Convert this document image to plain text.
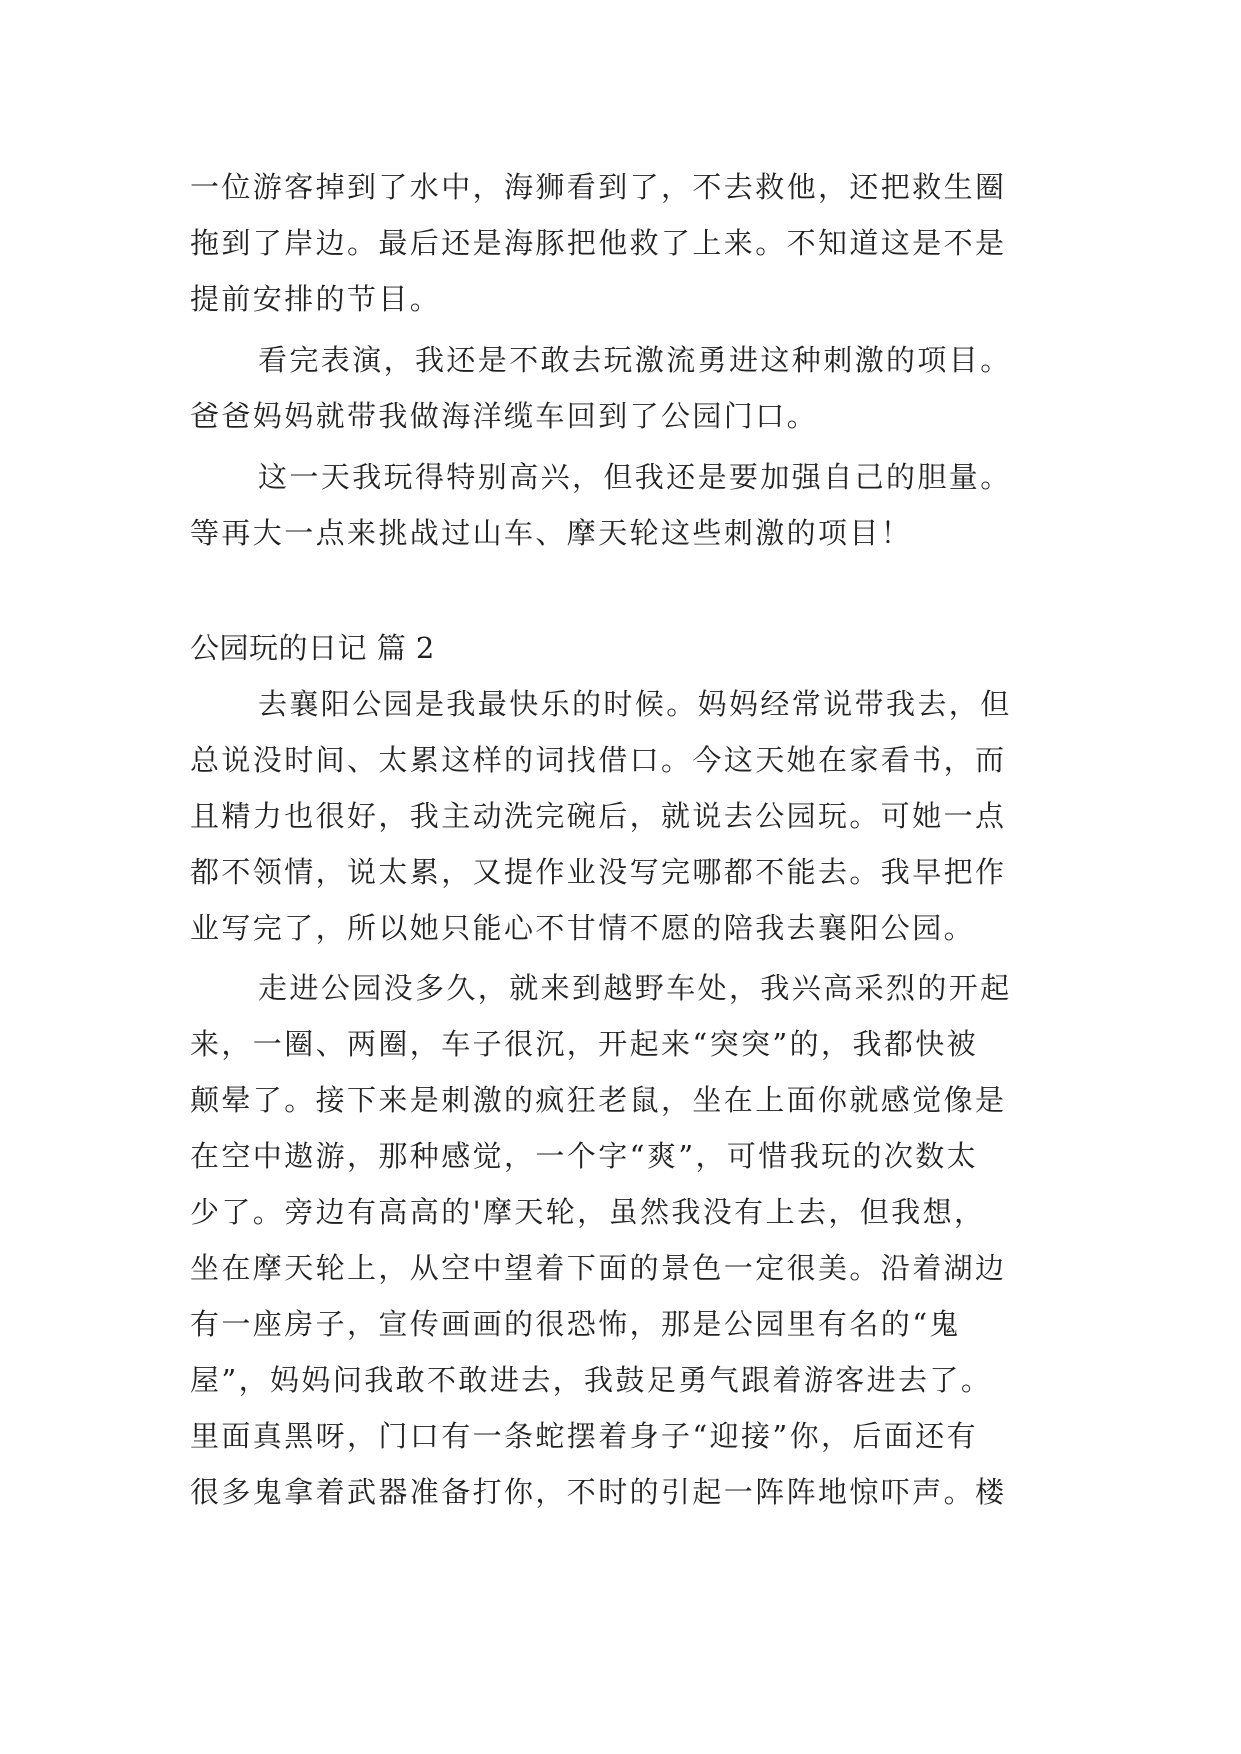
一位游客掉到了水中，海狮看到了，不去救他，还把救生圈
拖到了岸边。最后还是海豚把他救了上来。不知道这是不是
提前安排的节目。
看完表演，我还是不敢去玩激流勇进这种刺激的项目。
爸爸妈妈就带我做海洋缆车回到了公园门口。
这一天我玩得特别高兴，但我还是要加强自己的胆量。
等再大一点来挑战过山车、摩天轮这些刺激的项目！
公园玩的日记 篇 2
去襄阳公园是我最快乐的时候。妈妈经常说带我去，但
总说没时间、太累这样的词找借口。今这天她在家看书，而
且精力也很好，我主动洗完碗后，就说去公园玩。可她一点
都不领情，说太累，又提作业没写完哪都不能去。我早把作
业写完了，所以她只能心不甘情不愿的陪我去襄阳公园。
走进公园没多久，就来到越野车处，我兴高采烈的开起
来，一圈、两圈，车子很沉，开起来“突突”的，我都快被
颠晕了。接下来是刺激的疯狂老鼠，坐在上面你就感觉像是
在空中遨游，那种感觉，一个字“爽”，可惜我玩的次数太
少了。旁边有高高的'摩天轮，虽然我没有上去，但我想，
坐在摩天轮上，从空中望着下面的景色一定很美。沿着湖边
有一座房子，宣传画画的很恐怖，那是公园里有名的“鬼
屋”，妈妈问我敢不敢进去，我鼓足勇气跟着游客进去了。
里面真黑呀，门口有一条蛇摆着身子“迎接”你，后面还有
很多鬼拿着武器准备打你，不时的引起一阵阵地惊吓声。楼
